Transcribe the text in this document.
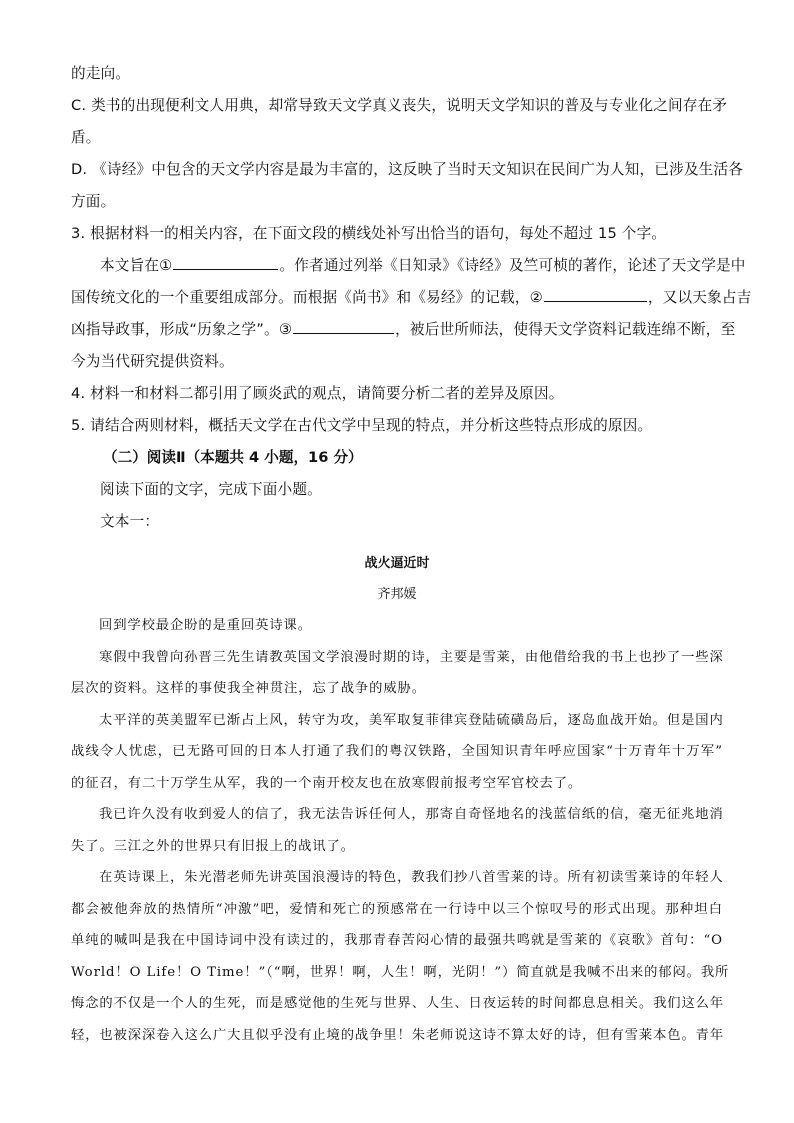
的走向。

C. 类书的出现便利文人用典，却常导致天文学真义丧失，说明天文学知识的普及与专业化之间存在矛

盾。

D. 《诗经》中包含的天文学内容是最为丰富的，这反映了当时天文知识在民间广为人知，已涉及生活各

方面。

3. 根据材料一的相关内容，在下面文段的横线处补写出恰当的语句，每处不超过 15 个字。

本文旨在①	。作者通过列举《日知录》《诗经》及竺可桢的著作，论述了天文学是中

国传统文化的一个重要组成部分。而根据《尚书》和《易经》的记载，②	，又以天象占吉

凶指导政事，形成“历象之学”。③	，被后世所师法，使得天文学资料记载连绵不断，至

今为当代研究提供资料。

4. 材料一和材料二都引用了顾炎武的观点，请简要分析二者的差异及原因。

5. 请结合两则材料，概括天文学在古代文学中呈现的特点，并分析这些特点形成的原因。

（二）阅读Ⅱ（本题共 4 小题，16 分）

阅读下面的文字，完成下面小题。

文本一：

战火逼近时

齐邦媛

回到学校最企盼的是重回英诗课。

寒假中我曾向孙晋三先生请教英国文学浪漫时期的诗，主要是雪莱，由他借给我的书上也抄了一些深

层次的资料。这样的事使我全神贯注，忘了战争的威胁。

太平洋的英美盟军已渐占上风，转守为攻，美军取复菲律宾登陆硫磺岛后，逐岛血战开始。但是国内

战线令人忧虑，已无路可回的日本人打通了我们的粤汉铁路，全国知识青年呼应国家“十万青年十万军”

的征召，有二十万学生从军，我的一个南开校友也在放寒假前报考空军官校去了。

我已许久没有收到爱人的信了，我无法告诉任何人，那寄自奇怪地名的浅蓝信纸的信，毫无征兆地消

失了。三江之外的世界只有旧报上的战讯了。

在英诗课上，朱光潜老师先讲英国浪漫诗的特色，教我们抄八首雪莱的诗。所有初读雪莱诗的年轻人

都会被他奔放的热情所“冲激”吧，爱情和死亡的预感常在一行诗中以三个惊叹号的形式出现。那种坦白

单纯的喊叫是我在中国诗词中没有读过的，我那青春苦闷心情的最强共鸣就是雪莱的《哀歌》首句：“O

World！O Life！O Time！”（“啊，世界！啊，人生！啊，光阴！”）简直就是我喊不出来的郁闷。我所

悔念的不仅是一个人的生死，而是感觉他的生死与世界、人生、日夜运转的时间都息息相关。我们这么年

轻，也被深深卷入这么广大且似乎没有止境的战争里！朱老师说这诗不算太好的诗，但有雪莱本色。青年
